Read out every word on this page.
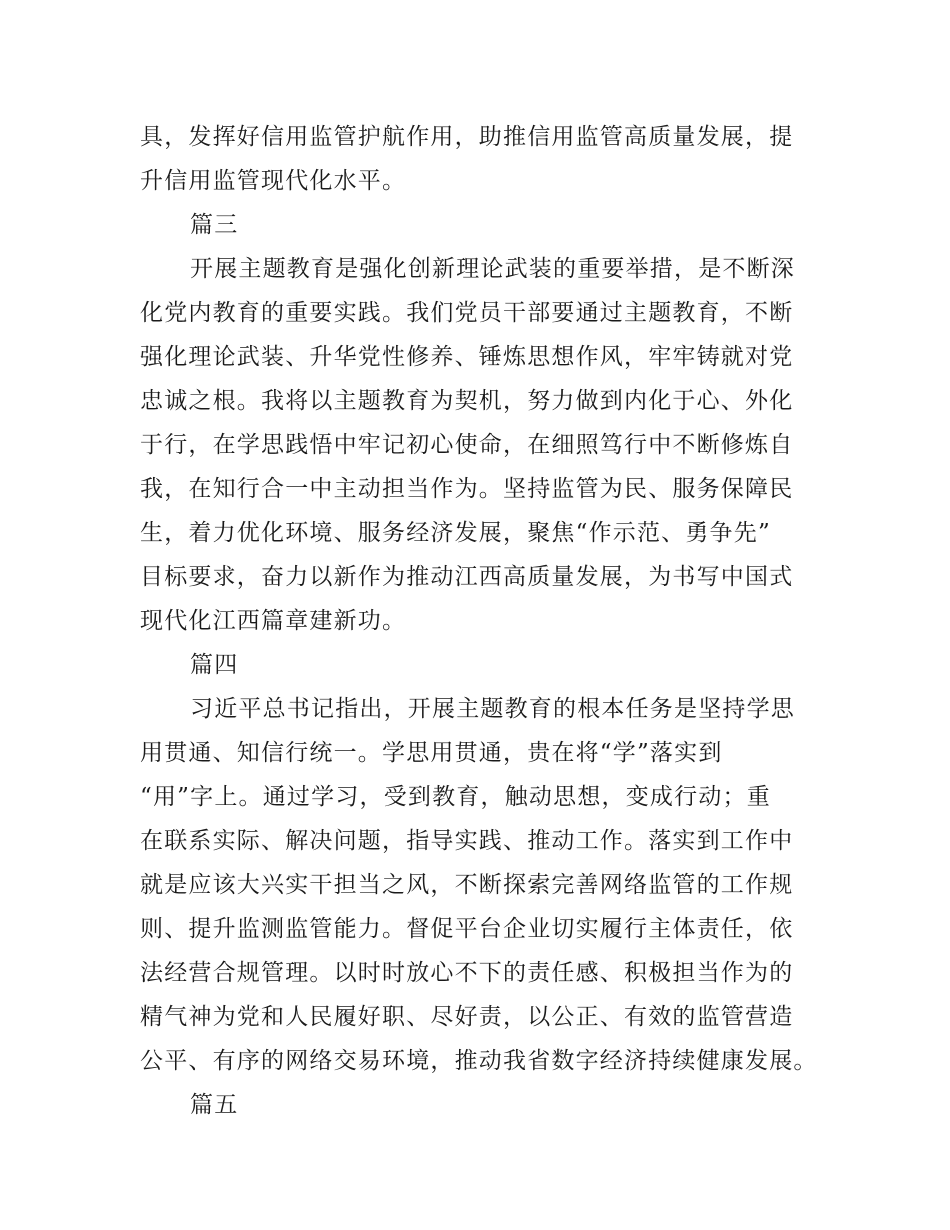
具，发挥好信用监管护航作用，助推信用监管高质量发展，提
升信用监管现代化水平。
篇三
开展主题教育是强化创新理论武装的重要举措，是不断深
化党内教育的重要实践。我们党员干部要通过主题教育，不断
强化理论武装、升华党性修养、锤炼思想作风，牢牢铸就对党
忠诚之根。我将以主题教育为契机，努力做到内化于心、外化
于行，在学思践悟中牢记初心使命，在细照笃行中不断修炼自
我，在知行合一中主动担当作为。坚持监管为民、服务保障民
生，着力优化环境、服务经济发展，聚焦“作示范、勇争先”
目标要求，奋力以新作为推动江西高质量发展，为书写中国式
现代化江西篇章建新功。
篇四
习近平总书记指出，开展主题教育的根本任务是坚持学思
用贯通、知信行统一。学思用贯通，贵在将“学”落实到
“用”字上。通过学习，受到教育，触动思想，变成行动；重
在联系实际、解决问题，指导实践、推动工作。落实到工作中
就是应该大兴实干担当之风，不断探索完善网络监管的工作规
则、提升监测监管能力。督促平台企业切实履行主体责任，依
法经营合规管理。以时时放心不下的责任感、积极担当作为的
精气神为党和人民履好职、尽好责，以公正、有效的监管营造
公平、有序的网络交易环境，推动我省数字经济持续健康发展。
篇五
